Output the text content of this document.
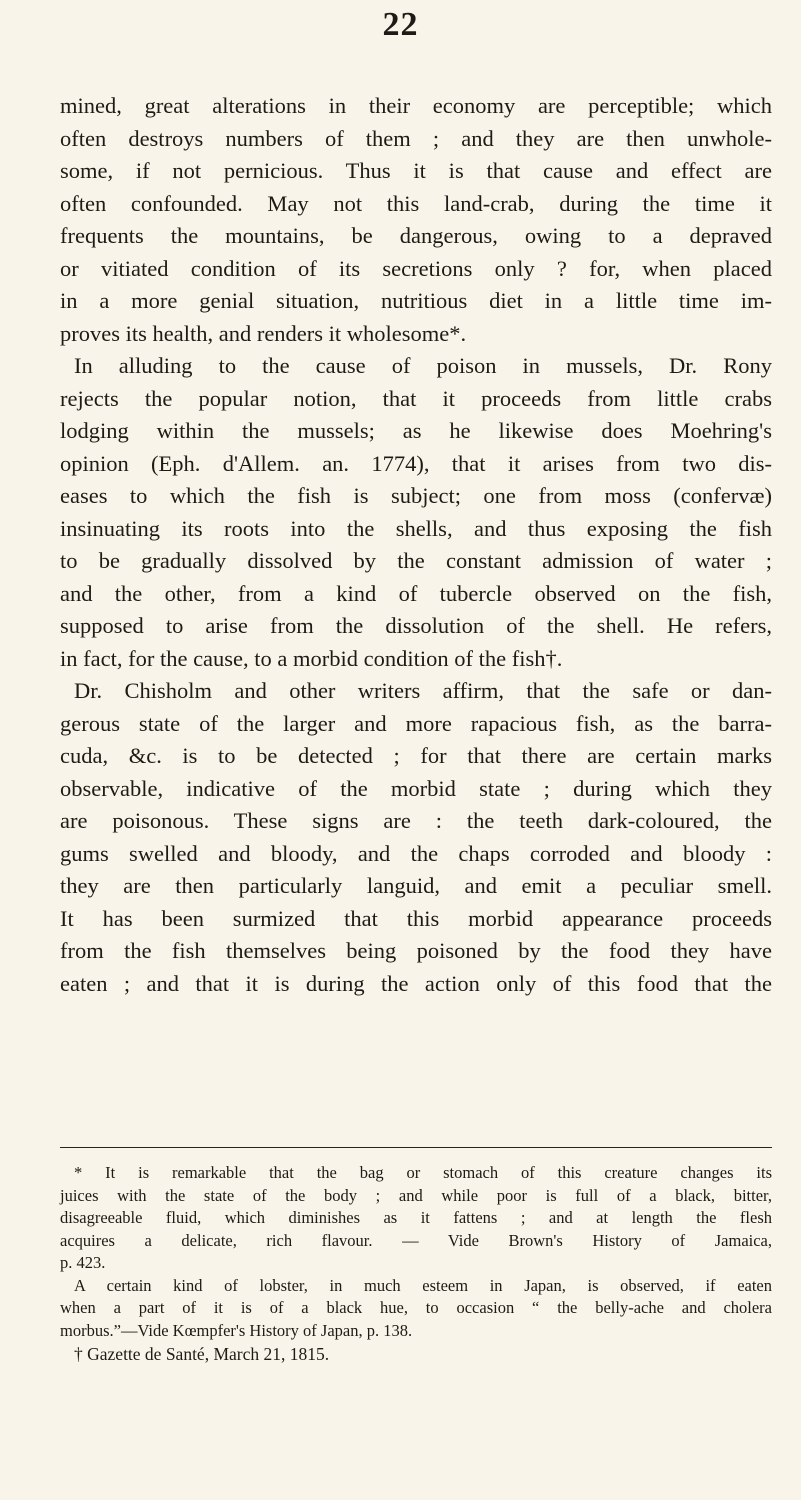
22
mined, great alterations in their economy are perceptible; which
often destroys numbers of them ; and they are then unwhole-
some, if not pernicious. Thus it is that cause and effect are
often confounded. May not this land-crab, during the time it
frequents the mountains, be dangerous, owing to a depraved
or vitiated condition of its secretions only ? for, when placed
in a more genial situation, nutritious diet in a little time im-
proves its health, and renders it wholesome*.
In alluding to the cause of poison in mussels, Dr. Rony
rejects the popular notion, that it proceeds from little crabs
lodging within the mussels; as he likewise does Moehring's
opinion (Eph. d'Allem. an. 1774), that it arises from two dis-
eases to which the fish is subject; one from moss (confervæ)
insinuating its roots into the shells, and thus exposing the fish
to be gradually dissolved by the constant admission of water ;
and the other, from a kind of tubercle observed on the fish,
supposed to arise from the dissolution of the shell. He refers,
in fact, for the cause, to a morbid condition of the fish†.
Dr. Chisholm and other writers affirm, that the safe or dan-
gerous state of the larger and more rapacious fish, as the barra-
cuda, &c. is to be detected ; for that there are certain marks
observable, indicative of the morbid state ; during which they
are poisonous. These signs are : the teeth dark-coloured, the
gums swelled and bloody, and the chaps corroded and bloody :
they are then particularly languid, and emit a peculiar smell.
It has been surmized that this morbid appearance proceeds
from the fish themselves being poisoned by the food they have
eaten ; and that it is during the action only of this food that the
* It is remarkable that the bag or stomach of this creature changes its
juices with the state of the body ; and while poor is full of a black, bitter,
disagreeable fluid, which diminishes as it fattens ; and at length the flesh
acquires a delicate, rich flavour. — Vide Brown's History of Jamaica,
p. 423.
A certain kind of lobster, in much esteem in Japan, is observed, if eaten
when a part of it is of a black hue, to occasion “ the belly-ache and cholera
morbus.”—Vide Kœmpfer's History of Japan, p. 138.
† Gazette de Santé, March 21, 1815.
